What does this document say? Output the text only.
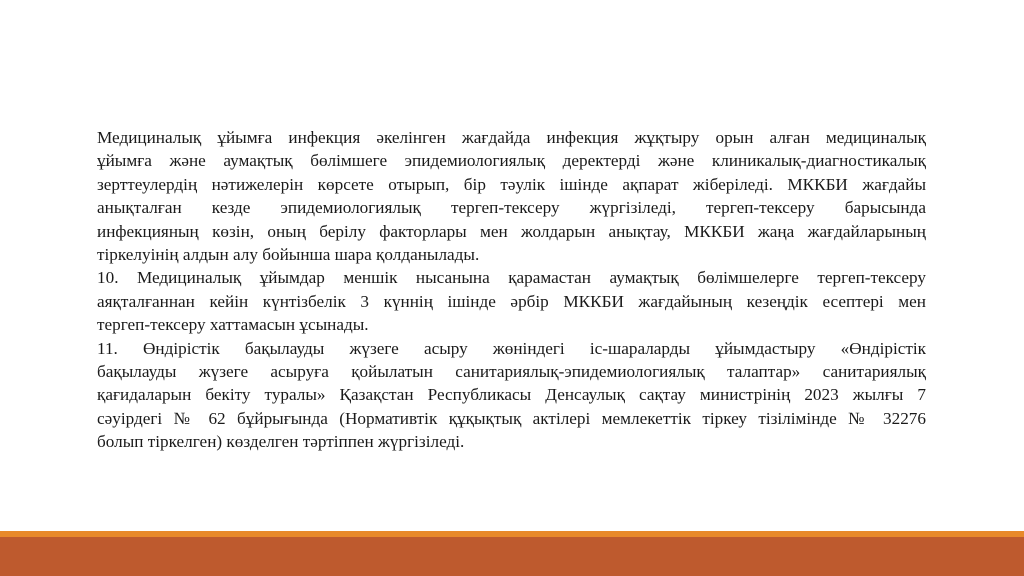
Медициналық ұйымға инфекция әкелінген жағдайда инфекция жұқтыру орын алған медициналық
ұйымға және аумақтық бөлімшеге эпидемиологиялық деректерді және клиникалық-диагностикалық
зерттеулердің нәтижелерін көрсете отырып, бір тәулік ішінде ақпарат жіберіледі. МККБИ жағдайы
анықталған кезде эпидемиологиялық тергеп-тексеру жүргізіледі, тергеп-тексеру барысында
инфекцияның көзін, оның берілу факторлары мен жолдарын анықтау, МККБИ жаңа жағдайларының
тіркелуінің алдын алу бойынша шара қолданылады.
10. Медициналық ұйымдар меншік нысанына қарамастан аумақтық бөлімшелерге тергеп-тексеру
аяқталғаннан кейін күнтізбелік 3 күннің ішінде әрбір МККБИ жағдайының кезеңдік есептері мен
тергеп-тексеру хаттамасын ұсынады.
11. Өндірістік бақылауды жүзеге асыру жөніндегі іс-шараларды ұйымдастыру «Өндірістік
бақылауды жүзеге асыруға қойылатын санитариялық-эпидемиологиялық талаптар» санитариялық
қағидаларын бекіту туралы» Қазақстан Республикасы Денсаулық сақтау министрінің 2023 жылғы 7
сәуірдегі № 62 бұйрығында (Нормативтік құқықтық актілері мемлекеттік тіркеу тізілімінде № 32276
болып тіркелген) көзделген тәртіппен жүргізіледі.
